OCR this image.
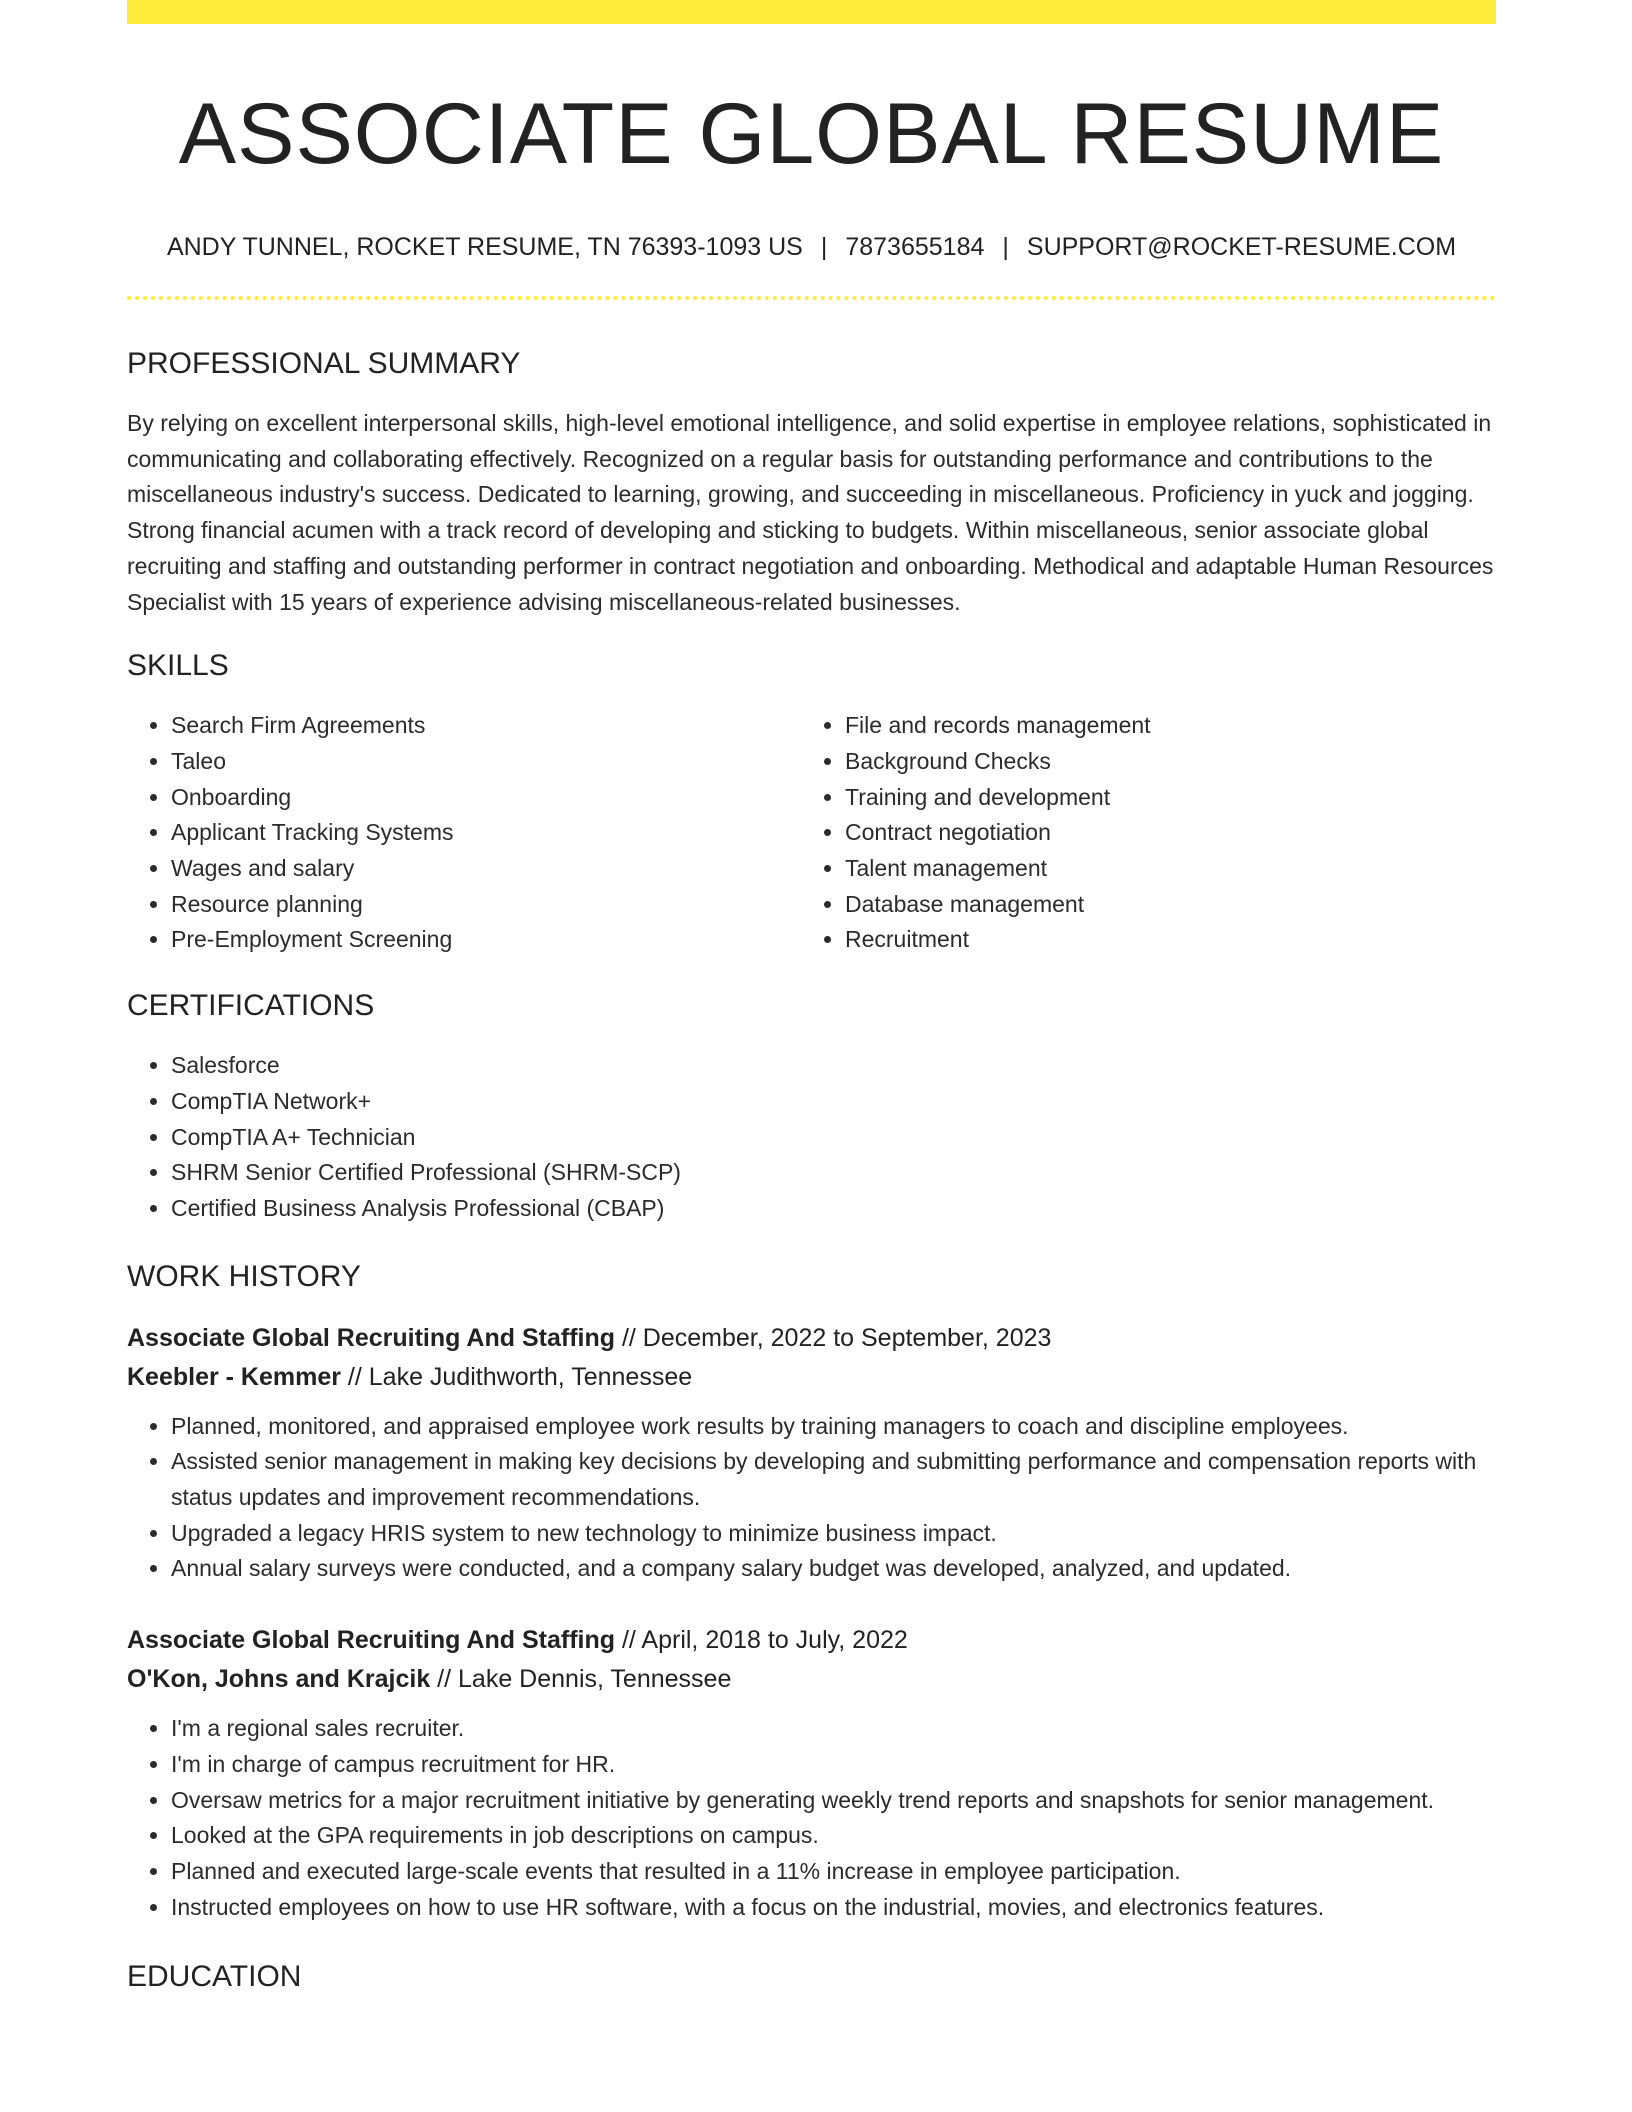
ASSOCIATE GLOBAL RESUME
ANDY TUNNEL, ROCKET RESUME, TN 76393-1093 US | 7873655184 | SUPPORT@ROCKET-RESUME.COM
PROFESSIONAL SUMMARY

By relying on excellent interpersonal skills, high-level emotional intelligence, and solid expertise in employee relations, sophisticated in communicating and collaborating effectively. Recognized on a regular basis for outstanding performance and contributions to the miscellaneous industry's success. Dedicated to learning, growing, and succeeding in miscellaneous. Proficiency in yuck and jogging. Strong financial acumen with a track record of developing and sticking to budgets. Within miscellaneous, senior associate global recruiting and staffing and outstanding performer in contract negotiation and onboarding. Methodical and adaptable Human Resources Specialist with 15 years of experience advising miscellaneous-related businesses.

SKILLS
• Search Firm Agreements
• Taleo
• Onboarding
• Applicant Tracking Systems
• Wages and salary
• Resource planning
• Pre-Employment Screening
• File and records management
• Background Checks
• Training and development
• Contract negotiation
• Talent management
• Database management
• Recruitment
CERTIFICATIONS
• Salesforce
• CompTIA Network+
• CompTIA A+ Technician
• SHRM Senior Certified Professional (SHRM-SCP)
• Certified Business Analysis Professional (CBAP)
WORK HISTORY
Associate Global Recruiting And Staffing // December, 2022 to September, 2023
Keebler - Kemmer // Lake Judithworth, Tennessee
• Planned, monitored, and appraised employee work results by training managers to coach and discipline employees.
• Assisted senior management in making key decisions by developing and submitting performance and compensation reports with status updates and improvement recommendations.
• Upgraded a legacy HRIS system to new technology to minimize business impact.
• Annual salary surveys were conducted, and a company salary budget was developed, analyzed, and updated.
Associate Global Recruiting And Staffing // April, 2018 to July, 2022
O'Kon, Johns and Krajcik // Lake Dennis, Tennessee
• I'm a regional sales recruiter.
• I'm in charge of campus recruitment for HR.
• Oversaw metrics for a major recruitment initiative by generating weekly trend reports and snapshots for senior management.
• Looked at the GPA requirements in job descriptions on campus.
• Planned and executed large-scale events that resulted in a 11% increase in employee participation.
• Instructed employees on how to use HR software, with a focus on the industrial, movies, and electronics features.
EDUCATION
